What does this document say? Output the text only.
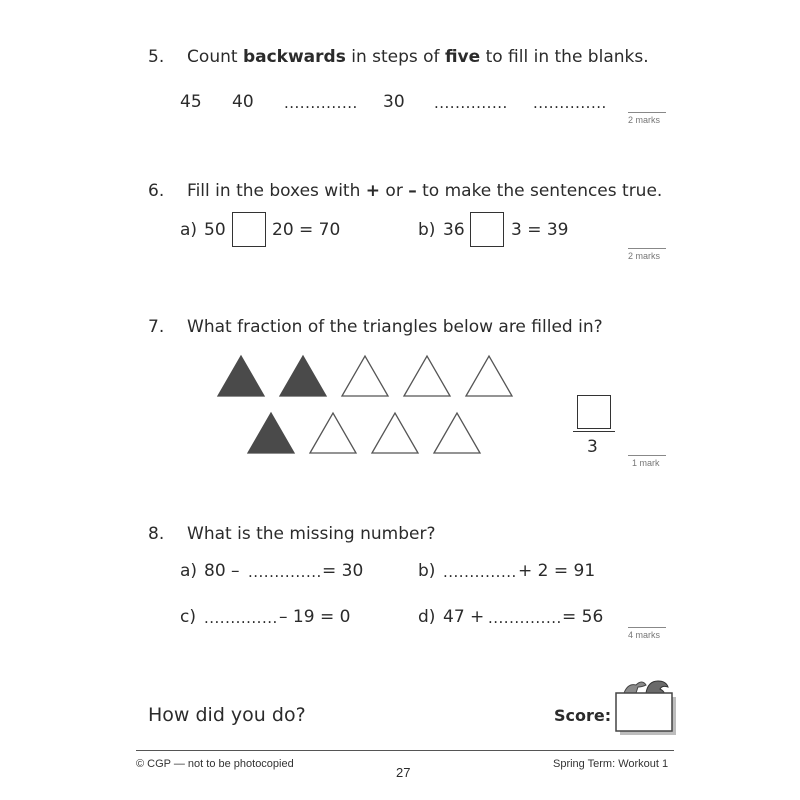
5. Count backwards in steps of five to fill in the blanks.
45 40 .............. 30 .............. ..............
2 marks
6. Fill in the boxes with + or – to make the sentences true.
a) 50	20 = 70	b) 36	3 = 39
2 marks
7. What fraction of the triangles below are filled in?
3
1 mark
8. What is the missing number?
a) 80 – .............. = 30	b) .............. + 2 = 91
c) .............. – 19 = 0	d) 47 + .............. = 56
4 marks
How did you do?	Score:
© CGP — not to be photocopied
27
Spring Term: Workout 1
